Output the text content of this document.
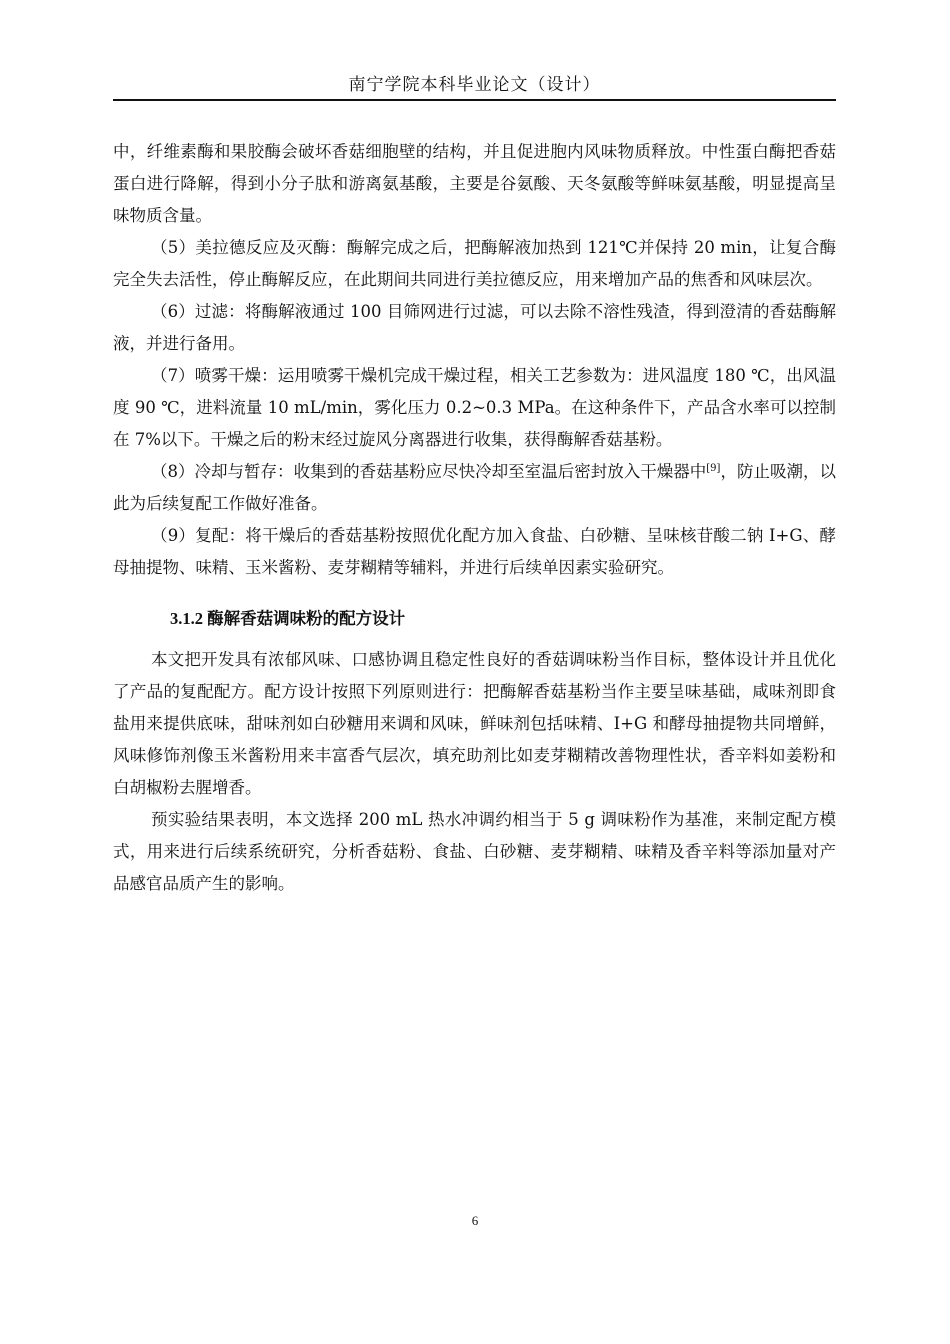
南宁学院本科毕业论文（设计）

中，纤维素酶和果胶酶会破坏香菇细胞壁的结构，并且促进胞内风味物质释放。中性蛋白酶把香菇蛋白进行降解，得到小分子肽和游离氨基酸，主要是谷氨酸、天冬氨酸等鲜味氨基酸，明显提高呈味物质含量。

（5）美拉德反应及灭酶：酶解完成之后，把酶解液加热到 121℃并保持 20 min，让复合酶完全失去活性，停止酶解反应，在此期间共同进行美拉德反应，用来增加产品的焦香和风味层次。

（6）过滤：将酶解液通过 100 目筛网进行过滤，可以去除不溶性残渣，得到澄清的香菇酶解液，并进行备用。

（7）喷雾干燥：运用喷雾干燥机完成干燥过程，相关工艺参数为：进风温度 180 ℃，出风温度 90 ℃，进料流量 10 mL/min，雾化压力 0.2~0.3 MPa。在这种条件下，产品含水率可以控制在 7%以下。干燥之后的粉末经过旋风分离器进行收集，获得酶解香菇基粉。

（8）冷却与暂存：收集到的香菇基粉应尽快冷却至室温后密封放入干燥器中[9]，防止吸潮，以此为后续复配工作做好准备。

（9）复配：将干燥后的香菇基粉按照优化配方加入食盐、白砂糖、呈味核苷酸二钠 I+G、酵母抽提物、味精、玉米酱粉、麦芽糊精等辅料，并进行后续单因素实验研究。

3.1.2 酶解香菇调味粉的配方设计

本文把开发具有浓郁风味、口感协调且稳定性良好的香菇调味粉当作目标，整体设计并且优化了产品的复配配方。配方设计按照下列原则进行：把酶解香菇基粉当作主要呈味基础，咸味剂即食盐用来提供底味，甜味剂如白砂糖用来调和风味，鲜味剂包括味精、I+G 和酵母抽提物共同增鲜，风味修饰剂像玉米酱粉用来丰富香气层次，填充助剂比如麦芽糊精改善物理性状，香辛料如姜粉和白胡椒粉去腥增香。

预实验结果表明，本文选择 200 mL 热水冲调约相当于 5 g 调味粉作为基准，来制定配方模式，用来进行后续系统研究，分析香菇粉、食盐、白砂糖、麦芽糊精、味精及香辛料等添加量对产品感官品质产生的影响。

6
